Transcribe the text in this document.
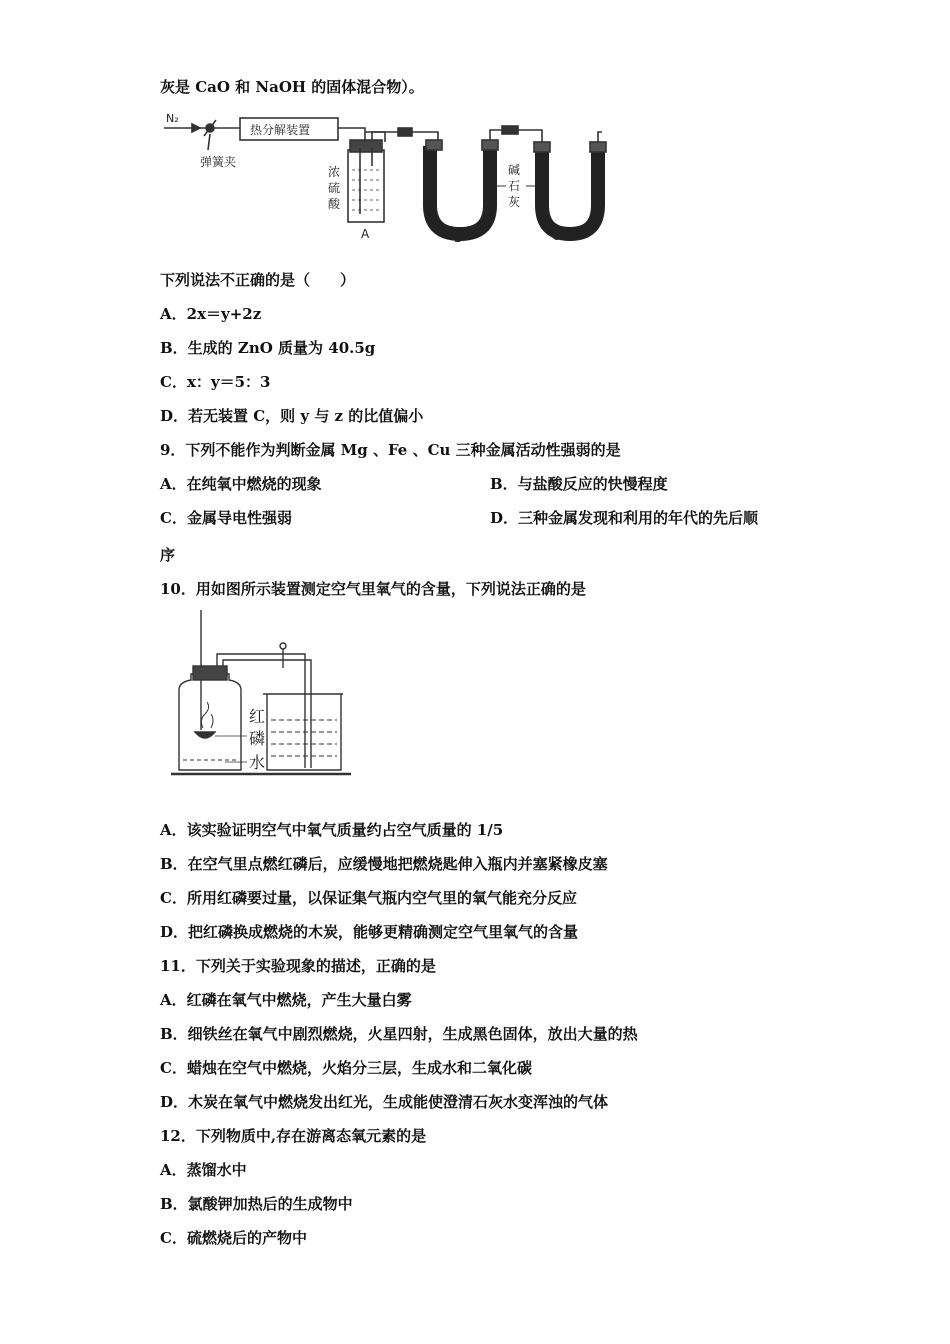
灰是 CaO 和 NaOH 的固体混合物）。
N₂
热分解装置
弹簧夹
浓
硫
酸
碱
石
灰
A	B	C
下列说法不正确的是（　　）
A．2x＝y+2z
B．生成的 ZnO 质量为 40.5g
C．x：y＝5：3
D．若无装置 C，则 y 与 z 的比值偏小
9．下列不能作为判断金属 Mg 、Fe 、Cu 三种金属活动性强弱的是
A．在纯氧中燃烧的现象	B．与盐酸反应的快慢程度
C．金属导电性强弱	D．三种金属发现和利用的年代的先后顺
序
10．用如图所示装置测定空气里氧气的含量，下列说法正确的是
红
磷
水
A．该实验证明空气中氧气质量约占空气质量的 1/5
B．在空气里点燃红磷后，应缓慢地把燃烧匙伸入瓶内并塞紧橡皮塞
C．所用红磷要过量，以保证集气瓶内空气里的氧气能充分反应
D．把红磷换成燃烧的木炭，能够更精确测定空气里氧气的含量
11．下列关于实验现象的描述，正确的是
A．红磷在氧气中燃烧，产生大量白雾
B．细铁丝在氧气中剧烈燃烧，火星四射，生成黑色固体，放出大量的热
C．蜡烛在空气中燃烧，火焰分三层，生成水和二氧化碳
D．木炭在氧气中燃烧发出红光，生成能使澄清石灰水变浑浊的气体
12．下列物质中,存在游离态氧元素的是
A．蒸馏水中
B．氯酸钾加热后的生成物中
C．硫燃烧后的产物中
